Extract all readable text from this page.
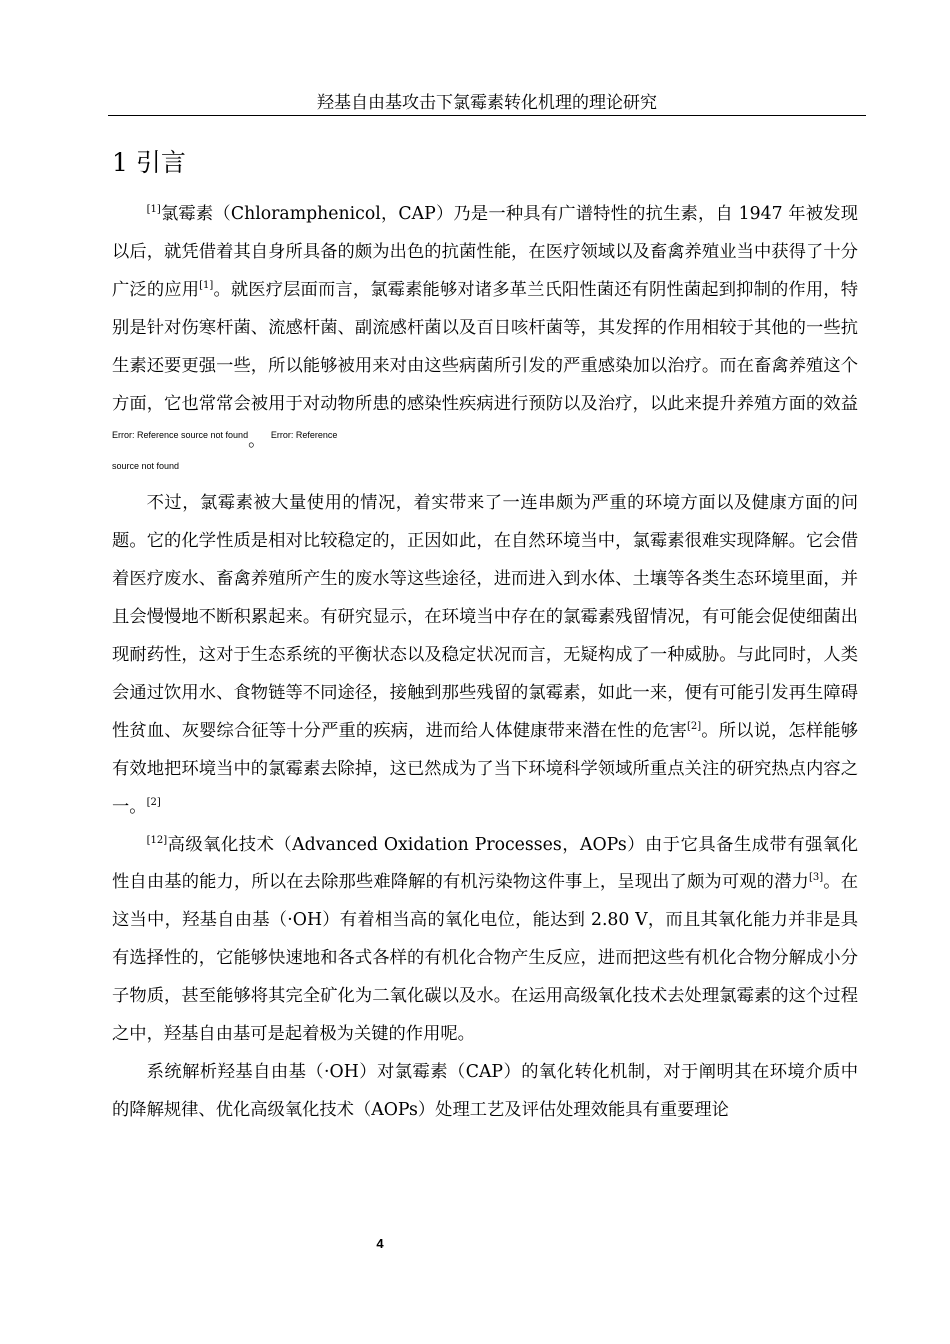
羟基自由基攻击下氯霉素转化机理的理论研究
1 引言

[1]氯霉素（Chloramphenicol，CAP）乃是一种具有广谱特性的抗生素，自 1947 年被发现以后，就凭借着其自身所具备的颇为出色的抗菌性能，在医疗领域以及畜禽养殖业当中获得了十分广泛的应用[1]。就医疗层面而言，氯霉素能够对诸多革兰氏阳性菌还有阴性菌起到抑制的作用，特别是针对伤寒杆菌、流感杆菌、副流感杆菌以及百日咳杆菌等，其发挥的作用相较于其他的一些抗生素还要更强一些，所以能够被用来对由这些病菌所引发的严重感染加以治疗。而在畜禽养殖这个方面，它也常常会被用于对动物所患的感染性疾病进行预防以及治疗，以此来提升养殖方面的效益 $^{Error: Reference source not found}$。 $^{Error: Reference}$

source not found

不过，氯霉素被大量使用的情况，着实带来了一连串颇为严重的环境方面以及健康方面的问题。它的化学性质是相对比较稳定的，正因如此，在自然环境当中，氯霉素很难实现降解。它会借着医疗废水、畜禽养殖所产生的废水等这些途径，进而进入到水体、土壤等各类生态环境里面，并且会慢慢地不断积累起来。有研究显示，在环境当中存在的氯霉素残留情况，有可能会促使细菌出现耐药性，这对于生态系统的平衡状态以及稳定状况而言，无疑构成了一种威胁。与此同时，人类会通过饮用水、食物链等不同途径，接触到那些残留的氯霉素，如此一来，便有可能引发再生障碍性贫血、灰婴综合征等十分严重的疾病，进而给人体健康带来潜在性的危害[2]。所以说，怎样能够有效地把环境当中的氯霉素去除掉，这已然成为了当下环境科学领域所重点关注的研究热点内容之一。[2]

[12]高级氧化技术（Advanced Oxidation Processes，AOPs）由于它具备生成带有强氧化性自由基的能力，所以在去除那些难降解的有机污染物这件事上，呈现出了颇为可观的潜力[3]。在这当中，羟基自由基（·OH）有着相当高的氧化电位，能达到 2.80 V，而且其氧化能力并非是具有选择性的，它能够快速地和各式各样的有机化合物产生反应，进而把这些有机化合物分解成小分子物质，甚至能够将其完全矿化为二氧化碳以及水。在运用高级氧化技术去处理氯霉素的这个过程之中，羟基自由基可是起着极为关键的作用呢。

系统解析羟基自由基（·OH）对氯霉素（CAP）的氧化转化机制，对于阐明其在环境介质中的降解规律、优化高级氧化技术（AOPs）处理工艺及评估处理效能具有重要理论

4
